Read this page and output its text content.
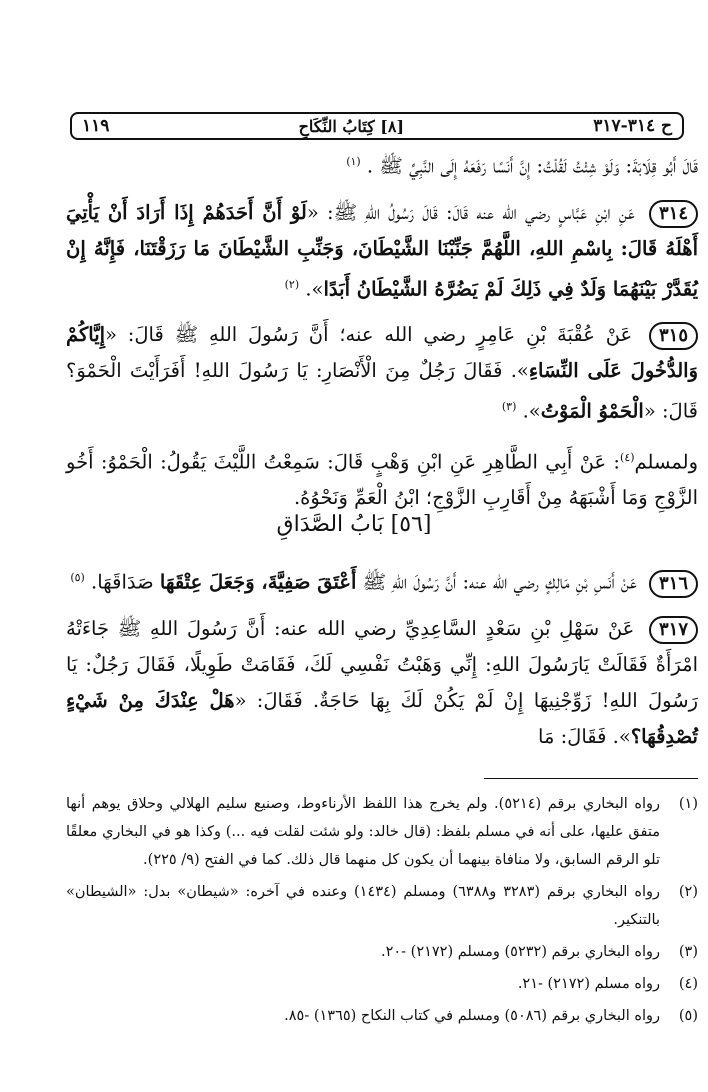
ح ٣١٤-٣١٧
[٨] كِتَابُ النِّكَاحِ
١١٩

قَالَ أَبُو قِلَابَةَ: وَلَوْ شِئْتُ لَقُلْتُ: إِنَّ أَنَسًا رَفَعَهُ إِلَى النَّبِيِّ ﷺ . $^{(١)}$

٣١٤ عَنِ ابْنِ عَبَّاسٍ رضي الله عنه قَالَ: قَالَ رَسُولُ اللهِ ﷺ: «لَوْ أَنَّ أَحَدَهُمْ إِذَا أَرَادَ أَنْ يَأْتِيَ أَهْلَهُ قَالَ: بِاسْمِ اللهِ، اللَّهُمَّ جَنِّبْنَا الشَّيْطَانَ، وَجَنِّبِ الشَّيْطَانَ مَا رَزَقْتَنَا، فَإِنَّهُ إِنْ يُقَدَّرْ بَيْنَهُمَا وَلَدٌ فِي ذَلِكَ لَمْ يَضُرَّهُ الشَّيْطَانُ أَبَدًا». $^{(٢)}$

٣١٥ عَنْ عُقْبَةَ بْنِ عَامِرٍ رضي الله عنه؛ أَنَّ رَسُولَ اللهِ ﷺ قَالَ: «إِيَّاكُمْ وَالدُّخُولَ عَلَى النِّسَاءِ». فَقَالَ رَجُلٌ مِنَ الْأَنْصَارِ: يَا رَسُولَ اللهِ! أَفَرَأَيْتَ الْحَمْوَ؟ قَالَ: «الْحَمْوُ الْمَوْتُ». $^{(٣)}$

ولمسلم$^{(٤)}$: عَنْ أَبِي الطَّاهِرِ عَنِ ابْنِ وَهْبٍ قَالَ: سَمِعْتُ اللَّيْثَ يَقُولُ: الْحَمْوُ: أَخُو الزَّوْجِ وَمَا أَشْبَهَهُ مِنْ أَقَارِبِ الزَّوْجِ؛ ابْنُ الْعَمِّ وَنَحْوُهُ.

[٥٦] بَابُ الصَّدَاقِ

٣١٦ عَنْ أَنَسِ بْنِ مَالِكٍ رضي الله عنه: أَنَّ رَسُولَ اللهِ ﷺ أَعْتَقَ صَفِيَّةَ، وَجَعَلَ عِتْقَهَا صَدَاقَهَا. $^{(٥)}$

٣١٧ عَنْ سَهْلِ بْنِ سَعْدٍ السَّاعِدِيِّ رضي الله عنه: أَنَّ رَسُولَ اللهِ ﷺ جَاءَتْهُ امْرَأَةٌ فَقَالَتْ يَارَسُولَ اللهِ: إِنِّي وَهَبْتُ نَفْسِي لَكَ، فَقَامَتْ طَوِيلًا، فَقَالَ رَجُلٌ: يَا رَسُولَ اللهِ! زَوِّجْنِيهَا إِنْ لَمْ يَكُنْ لَكَ بِهَا حَاجَةٌ. فَقَالَ: «هَلْ عِنْدَكَ مِنْ شَيْءٍ تُصْدِقُهَا؟». فَقَالَ: مَا

(١)
رواه البخاري برقم (٥٢١٤). ولم يخرج هذا اللفظ الأرناءوط، وصنيع سليم الهلالي وحلاق يوهم أنها متفق عليها، على أنه في مسلم بلفظ: (قال خالد: ولو شئت لقلت فيه ...) وكذا هو في البخاري معلقًا تلو الرقم السابق، ولا منافاة بينهما أن يكون كل منهما قال ذلك. كما في الفتح (٩/ ٢٢٥).
(٢)
رواه البخاري برقم (٣٢٨٣ و٦٣٨٨) ومسلم (١٤٣٤) وعنده في آخره: «شيطان» بدل: «الشيطان» بالتنكير.
(٣)
رواه البخاري برقم (٥٢٣٢) ومسلم (٢١٧٢) -٢٠.
(٤)
رواه مسلم (٢١٧٢) -٢١.
(٥)
رواه البخاري برقم (٥٠٨٦) ومسلم في كتاب النكاح (١٣٦٥) -٨٥.
